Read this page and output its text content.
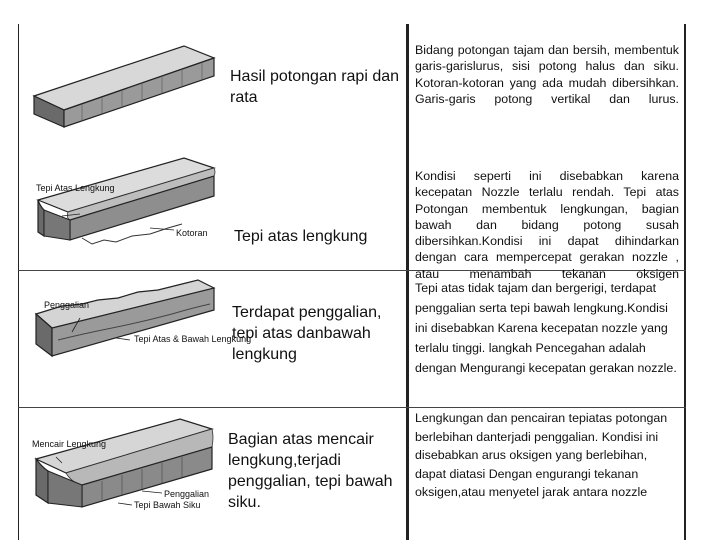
Hasil potongan rapi dan rata
Bidang potongan tajam dan bersih, membentuk garis-garislurus, sisi potong halus dan siku. Kotoran-kotoran yang ada mudah dibersihkan. Garis-garis potong vertikal dan lurus.
Tepi Atas Lengkung
Kotoran Tepi atas lengkung
Kondisi seperti ini disebabkan karena kecepatan Nozzle terlalu rendah. Tepi atas Potongan membentuk lengkungan, bagian bawah dan bidang potong susah dibersihkan.Kondisi ini dapat dihindarkan dengan cara mempercepat gerakan nozzle , atau menambah tekanan oksigen
Penggalian
Tepi Atas & Bawah Lengkung
Terdapat penggalian, tepi atas danbawah lengkung
Tepi atas tidak tajam dan bergerigi, terdapat penggalian serta tepi bawah lengkung.Kondisi ini disebabkan Karena kecepatan nozzle yang terlalu tinggi. langkah Pencegahan adalah dengan Mengurangi kecepatan gerakan nozzle.
Mencair Lengkung
Penggalian
Tepi Bawah Siku
Bagian atas mencair lengkung,terjadi penggalian, tepi bawah siku.
Lengkungan dan pencairan tepiatas potongan berlebihan danterjadi penggalian. Kondisi ini disebabkan arus oksigen yang berlebihan, dapat diatasi Dengan engurangi tekanan oksigen,atau menyetel jarak antara nozzle
